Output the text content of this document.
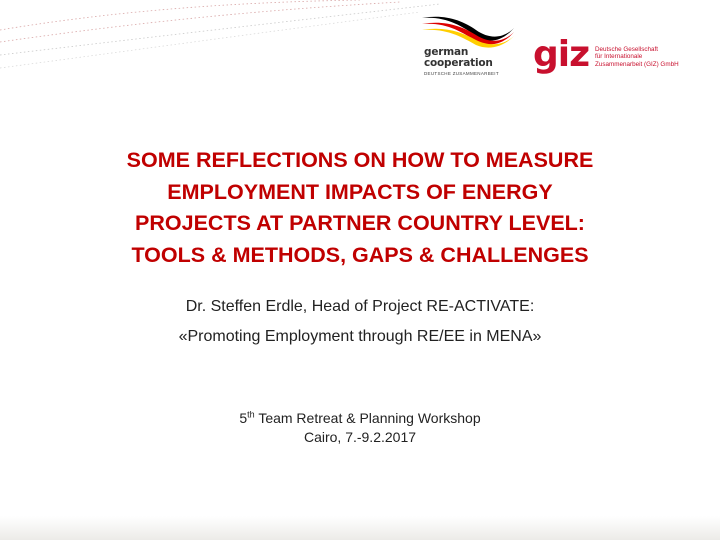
german
cooperation
DEUTSCHE ZUSAMMENARBEIT giz Deutsche Gesellschaft
für Internationale
Zusammenarbeit (GIZ) GmbH
SOME REFLECTIONS ON HOW TO MEASURE
EMPLOYMENT IMPACTS OF ENERGY
PROJECTS AT PARTNER COUNTRY LEVEL:
TOOLS & METHODS, GAPS & CHALLENGES
Dr. Steffen Erdle, Head of Project RE-ACTIVATE:
«Promoting Employment through RE/EE in MENA»
5th Team Retreat & Planning Workshop
Cairo, 7.-9.2.2017
